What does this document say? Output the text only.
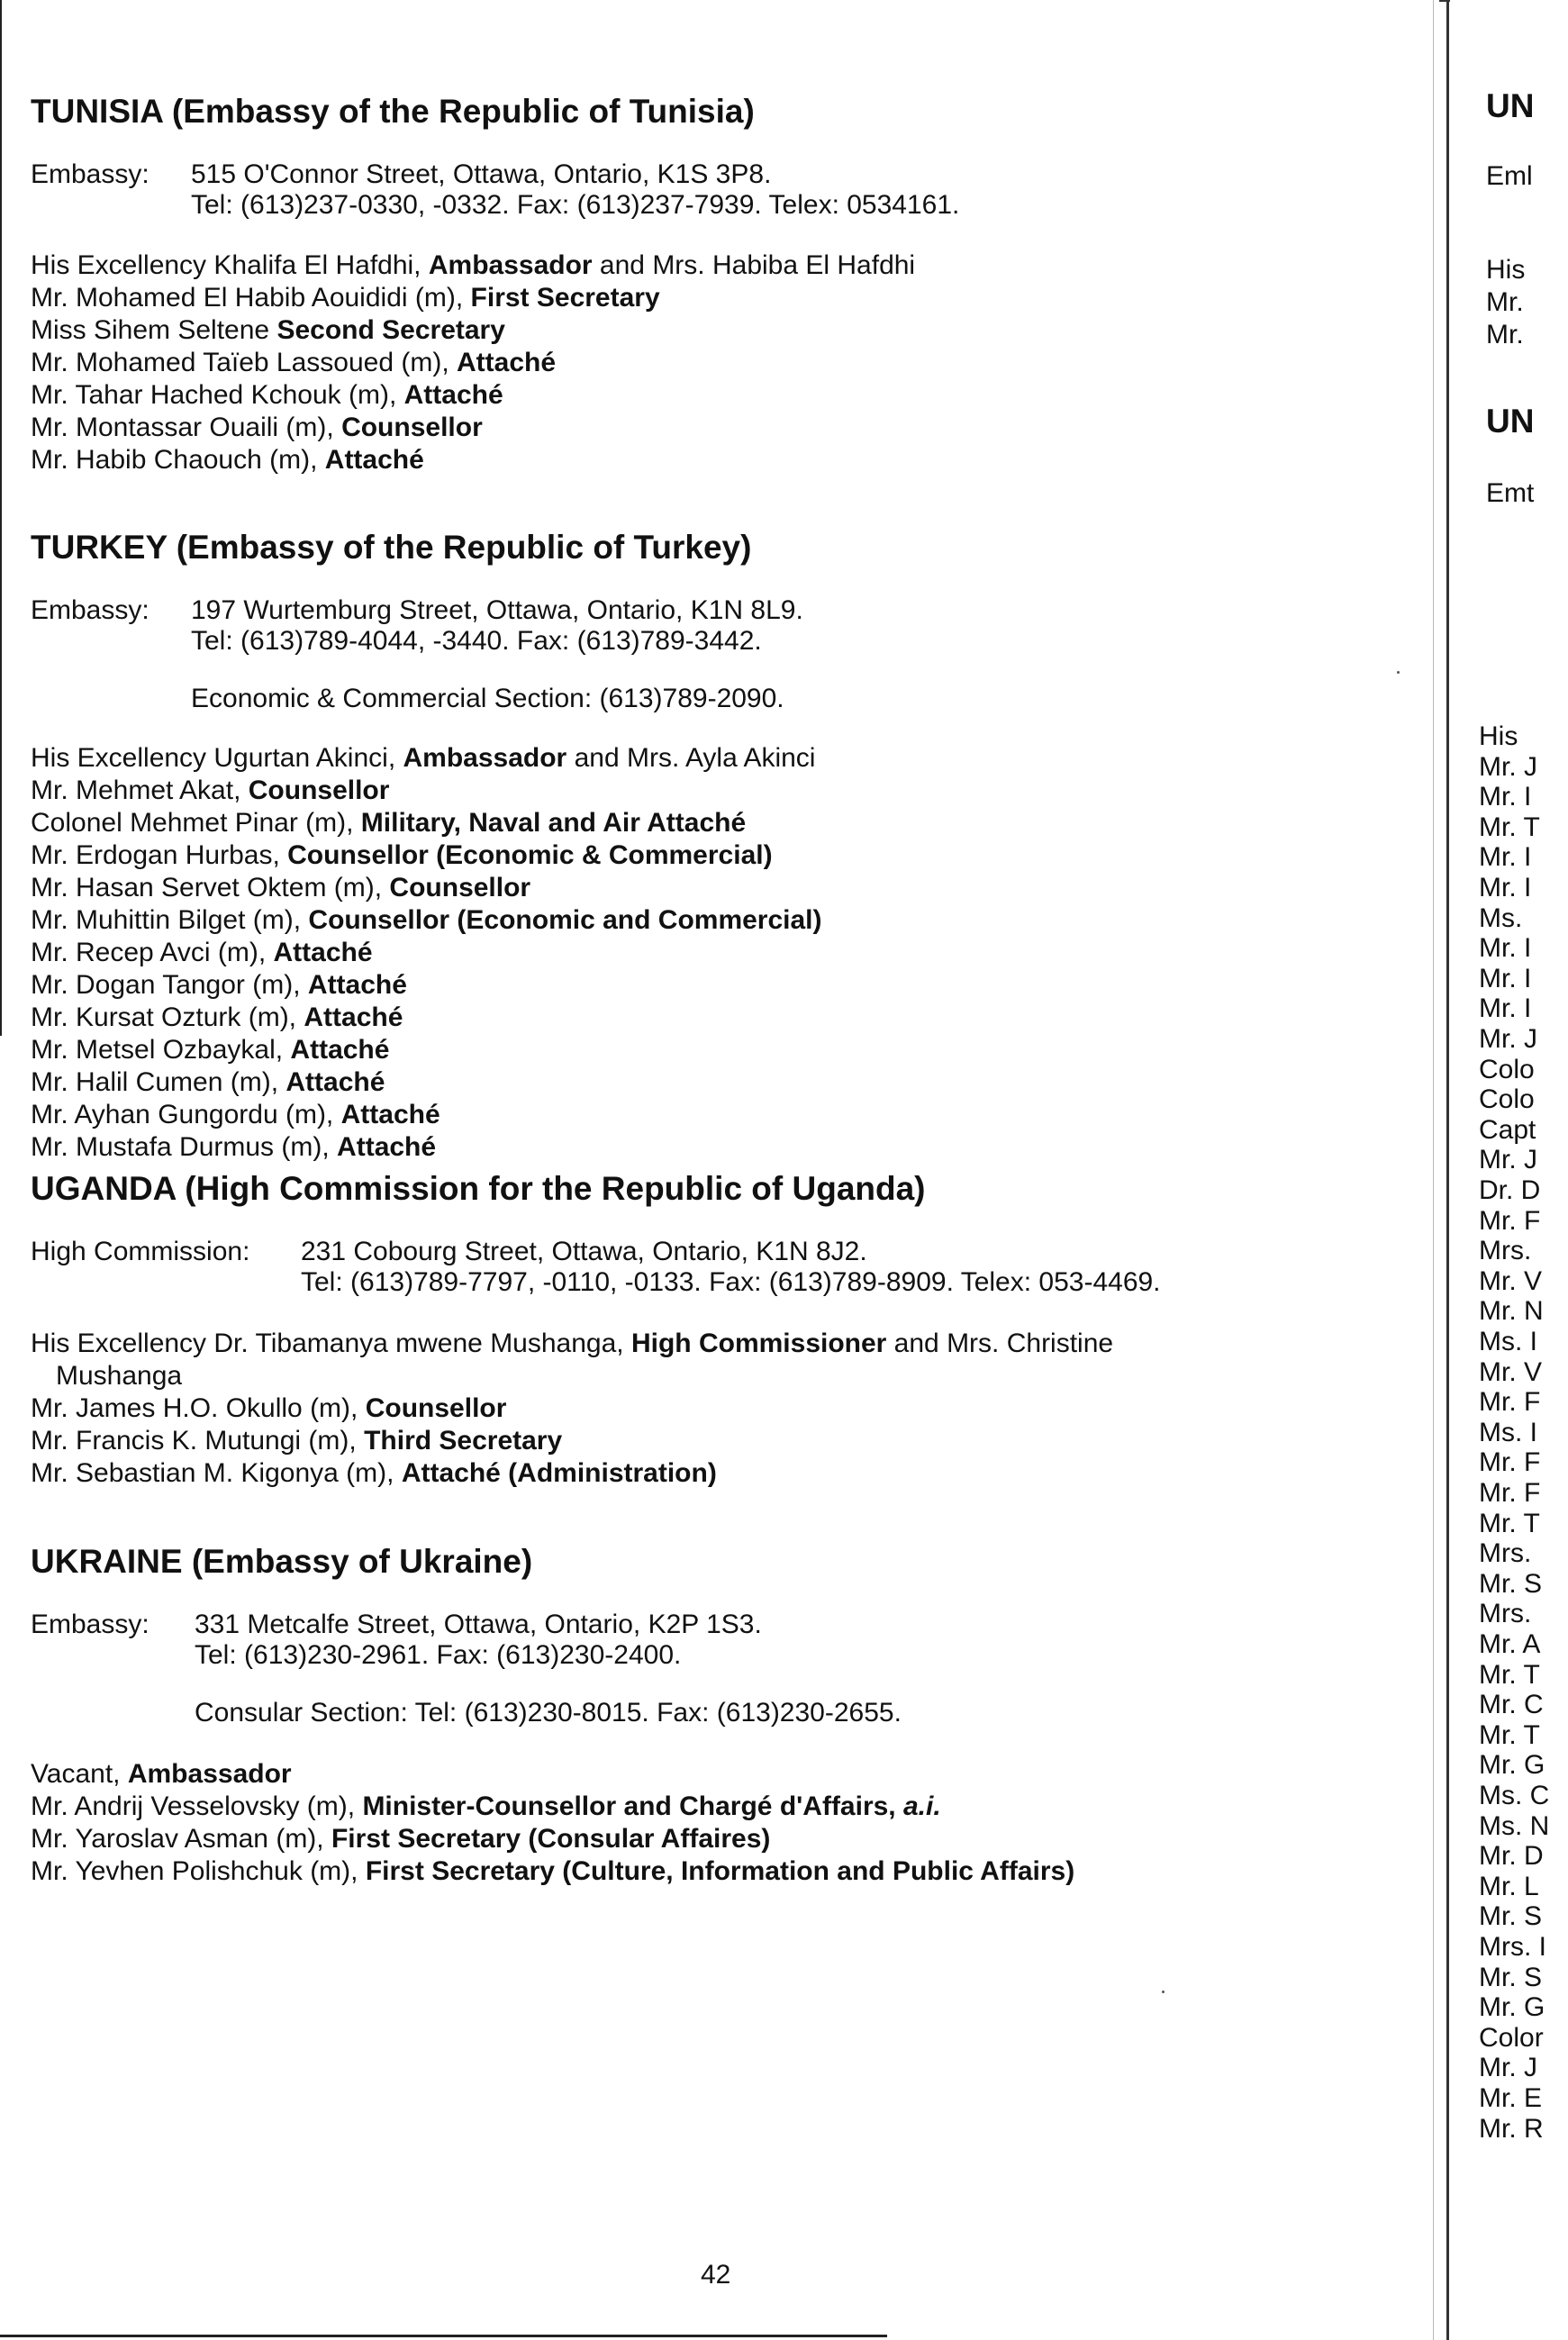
TUNISIA (Embassy of the Republic of Tunisia)
Embassy: 515 O'Connor Street, Ottawa, Ontario, K1S 3P8.
Tel: (613)237-0330, -0332. Fax: (613)237-7939. Telex: 0534161.
His Excellency Khalifa El Hafdhi, Ambassador and Mrs. Habiba El Hafdhi
Mr. Mohamed El Habib Aouididi (m), First Secretary
Miss Sihem Seltene Second Secretary
Mr. Mohamed Taïeb Lassoued (m), Attaché
Mr. Tahar Hached Kchouk (m), Attaché
Mr. Montassar Ouaili (m), Counsellor
Mr. Habib Chaouch (m), Attaché
TURKEY (Embassy of the Republic of Turkey)
Embassy: 197 Wurtemburg Street, Ottawa, Ontario, K1N 8L9.
Tel: (613)789-4044, -3440. Fax: (613)789-3442.
Economic & Commercial Section: (613)789-2090.
His Excellency Ugurtan Akinci, Ambassador and Mrs. Ayla Akinci
Mr. Mehmet Akat, Counsellor
Colonel Mehmet Pinar (m), Military, Naval and Air Attaché
Mr. Erdogan Hurbas, Counsellor (Economic & Commercial)
Mr. Hasan Servet Oktem (m), Counsellor
Mr. Muhittin Bilget (m), Counsellor (Economic and Commercial)
Mr. Recep Avci (m), Attaché
Mr. Dogan Tangor (m), Attaché
Mr. Kursat Ozturk (m), Attaché
Mr. Metsel Ozbaykal, Attaché
Mr. Halil Cumen (m), Attaché
Mr. Ayhan Gungordu (m), Attaché
Mr. Mustafa Durmus (m), Attaché
UGANDA (High Commission for the Republic of Uganda)
High Commission: 231 Cobourg Street, Ottawa, Ontario, K1N 8J2.
Tel: (613)789-7797, -0110, -0133. Fax: (613)789-8909. Telex: 053-4469.
His Excellency Dr. Tibamanya mwene Mushanga, High Commissioner and Mrs. Christine
Mushanga
Mr. James H.O. Okullo (m), Counsellor
Mr. Francis K. Mutungi (m), Third Secretary
Mr. Sebastian M. Kigonya (m), Attaché (Administration)
UKRAINE (Embassy of Ukraine)
Embassy: 331 Metcalfe Street, Ottawa, Ontario, K2P 1S3.
Tel: (613)230-2961. Fax: (613)230-2400.
Consular Section: Tel: (613)230-8015. Fax: (613)230-2655.
Vacant, Ambassador
Mr. Andrij Vesselovsky (m), Minister-Counsellor and Chargé d'Affairs, a.i.
Mr. Yaroslav Asman (m), First Secretary (Consular Affaires)
Mr. Yevhen Polishchuk (m), First Secretary (Culture, Information and Public Affairs)
42
UN
UN
Eml
His
Mr.
Mr.
Emt
His
Mr. J
Mr. I
Mr. T
Mr. I
Mr. I
Ms.
Mr. I
Mr. I
Mr. I
Mr. J
Colo
Colo
Capt
Mr. J
Dr. D
Mr. F
Mrs.
Mr. V
Mr. N
Ms. I
Mr. V
Mr. F
Ms. I
Mr. F
Mr. F
Mr. T
Mrs.
Mr. S
Mrs.
Mr. A
Mr. T
Mr. C
Mr. T
Mr. G
Ms. C
Ms. N
Mr. D
Mr. L
Mr. S
Mrs. I
Mr. S
Mr. G
Color
Mr. J
Mr. E
Mr. R
